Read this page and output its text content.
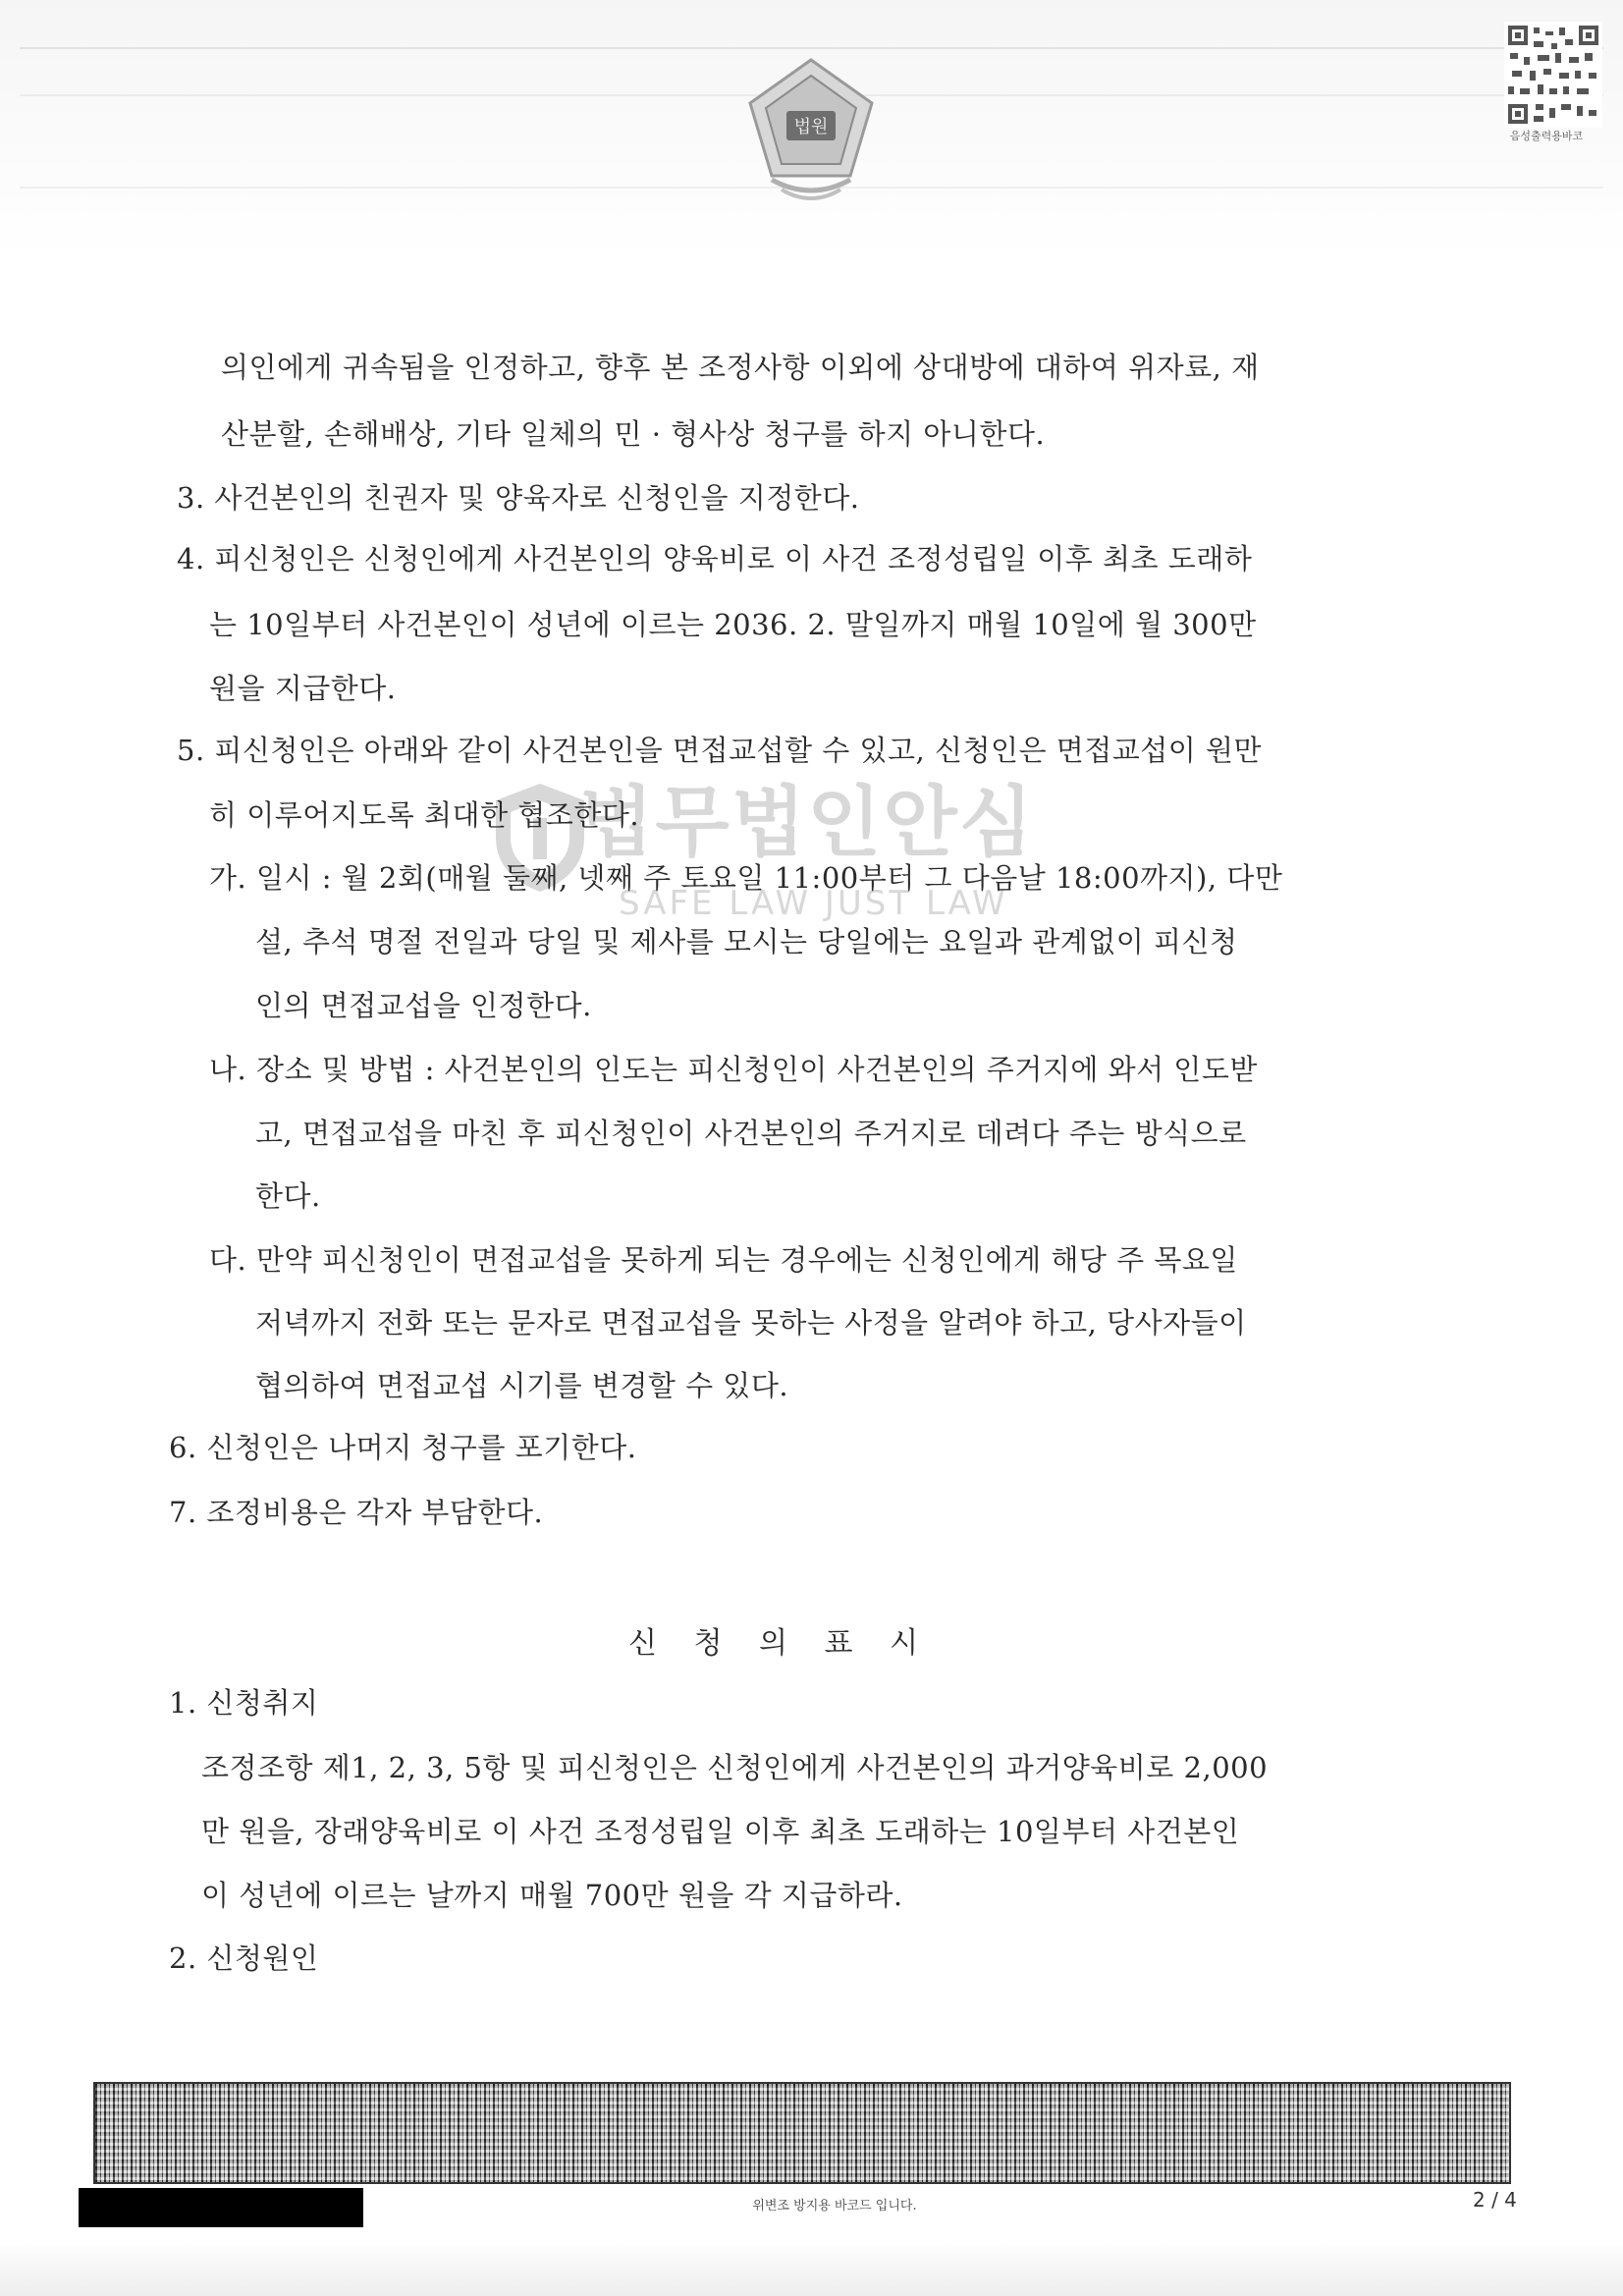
법원	음성출력용바코
법무법인안심
SAFE LAW JUST LAW
의인에게 귀속됨을 인정하고, 향후 본 조정사항 이외에 상대방에 대하여 위자료, 재
산분할, 손해배상, 기타 일체의 민 · 형사상 청구를 하지 아니한다.
3. 사건본인의 친권자 및 양육자로 신청인을 지정한다.
4. 피신청인은 신청인에게 사건본인의 양육비로 이 사건 조정성립일 이후 최초 도래하
는 10일부터 사건본인이 성년에 이르는 2036. 2. 말일까지 매월 10일에 월 300만
원을 지급한다.
5. 피신청인은 아래와 같이 사건본인을 면접교섭할 수 있고, 신청인은 면접교섭이 원만
히 이루어지도록 최대한 협조한다.
가. 일시 : 월 2회(매월 둘째, 넷째 주 토요일 11:00부터 그 다음날 18:00까지), 다만
설, 추석 명절 전일과 당일 및 제사를 모시는 당일에는 요일과 관계없이 피신청
인의 면접교섭을 인정한다.
나. 장소 및 방법 : 사건본인의 인도는 피신청인이 사건본인의 주거지에 와서 인도받
고, 면접교섭을 마친 후 피신청인이 사건본인의 주거지로 데려다 주는 방식으로
한다.
다. 만약 피신청인이 면접교섭을 못하게 되는 경우에는 신청인에게 해당 주 목요일
저녁까지 전화 또는 문자로 면접교섭을 못하는 사정을 알려야 하고, 당사자들이
협의하여 면접교섭 시기를 변경할 수 있다.
6. 신청인은 나머지 청구를 포기한다.
7. 조정비용은 각자 부담한다.
신 청 의 표 시
1. 신청취지
조정조항 제1, 2, 3, 5항 및 피신청인은 신청인에게 사건본인의 과거양육비로 2,000
만 원을, 장래양육비로 이 사건 조정성립일 이후 최초 도래하는 10일부터 사건본인
이 성년에 이르는 날까지 매월 700만 원을 각 지급하라.
2. 신청원인
위변조 방지용 바코드 입니다.	2 / 4
